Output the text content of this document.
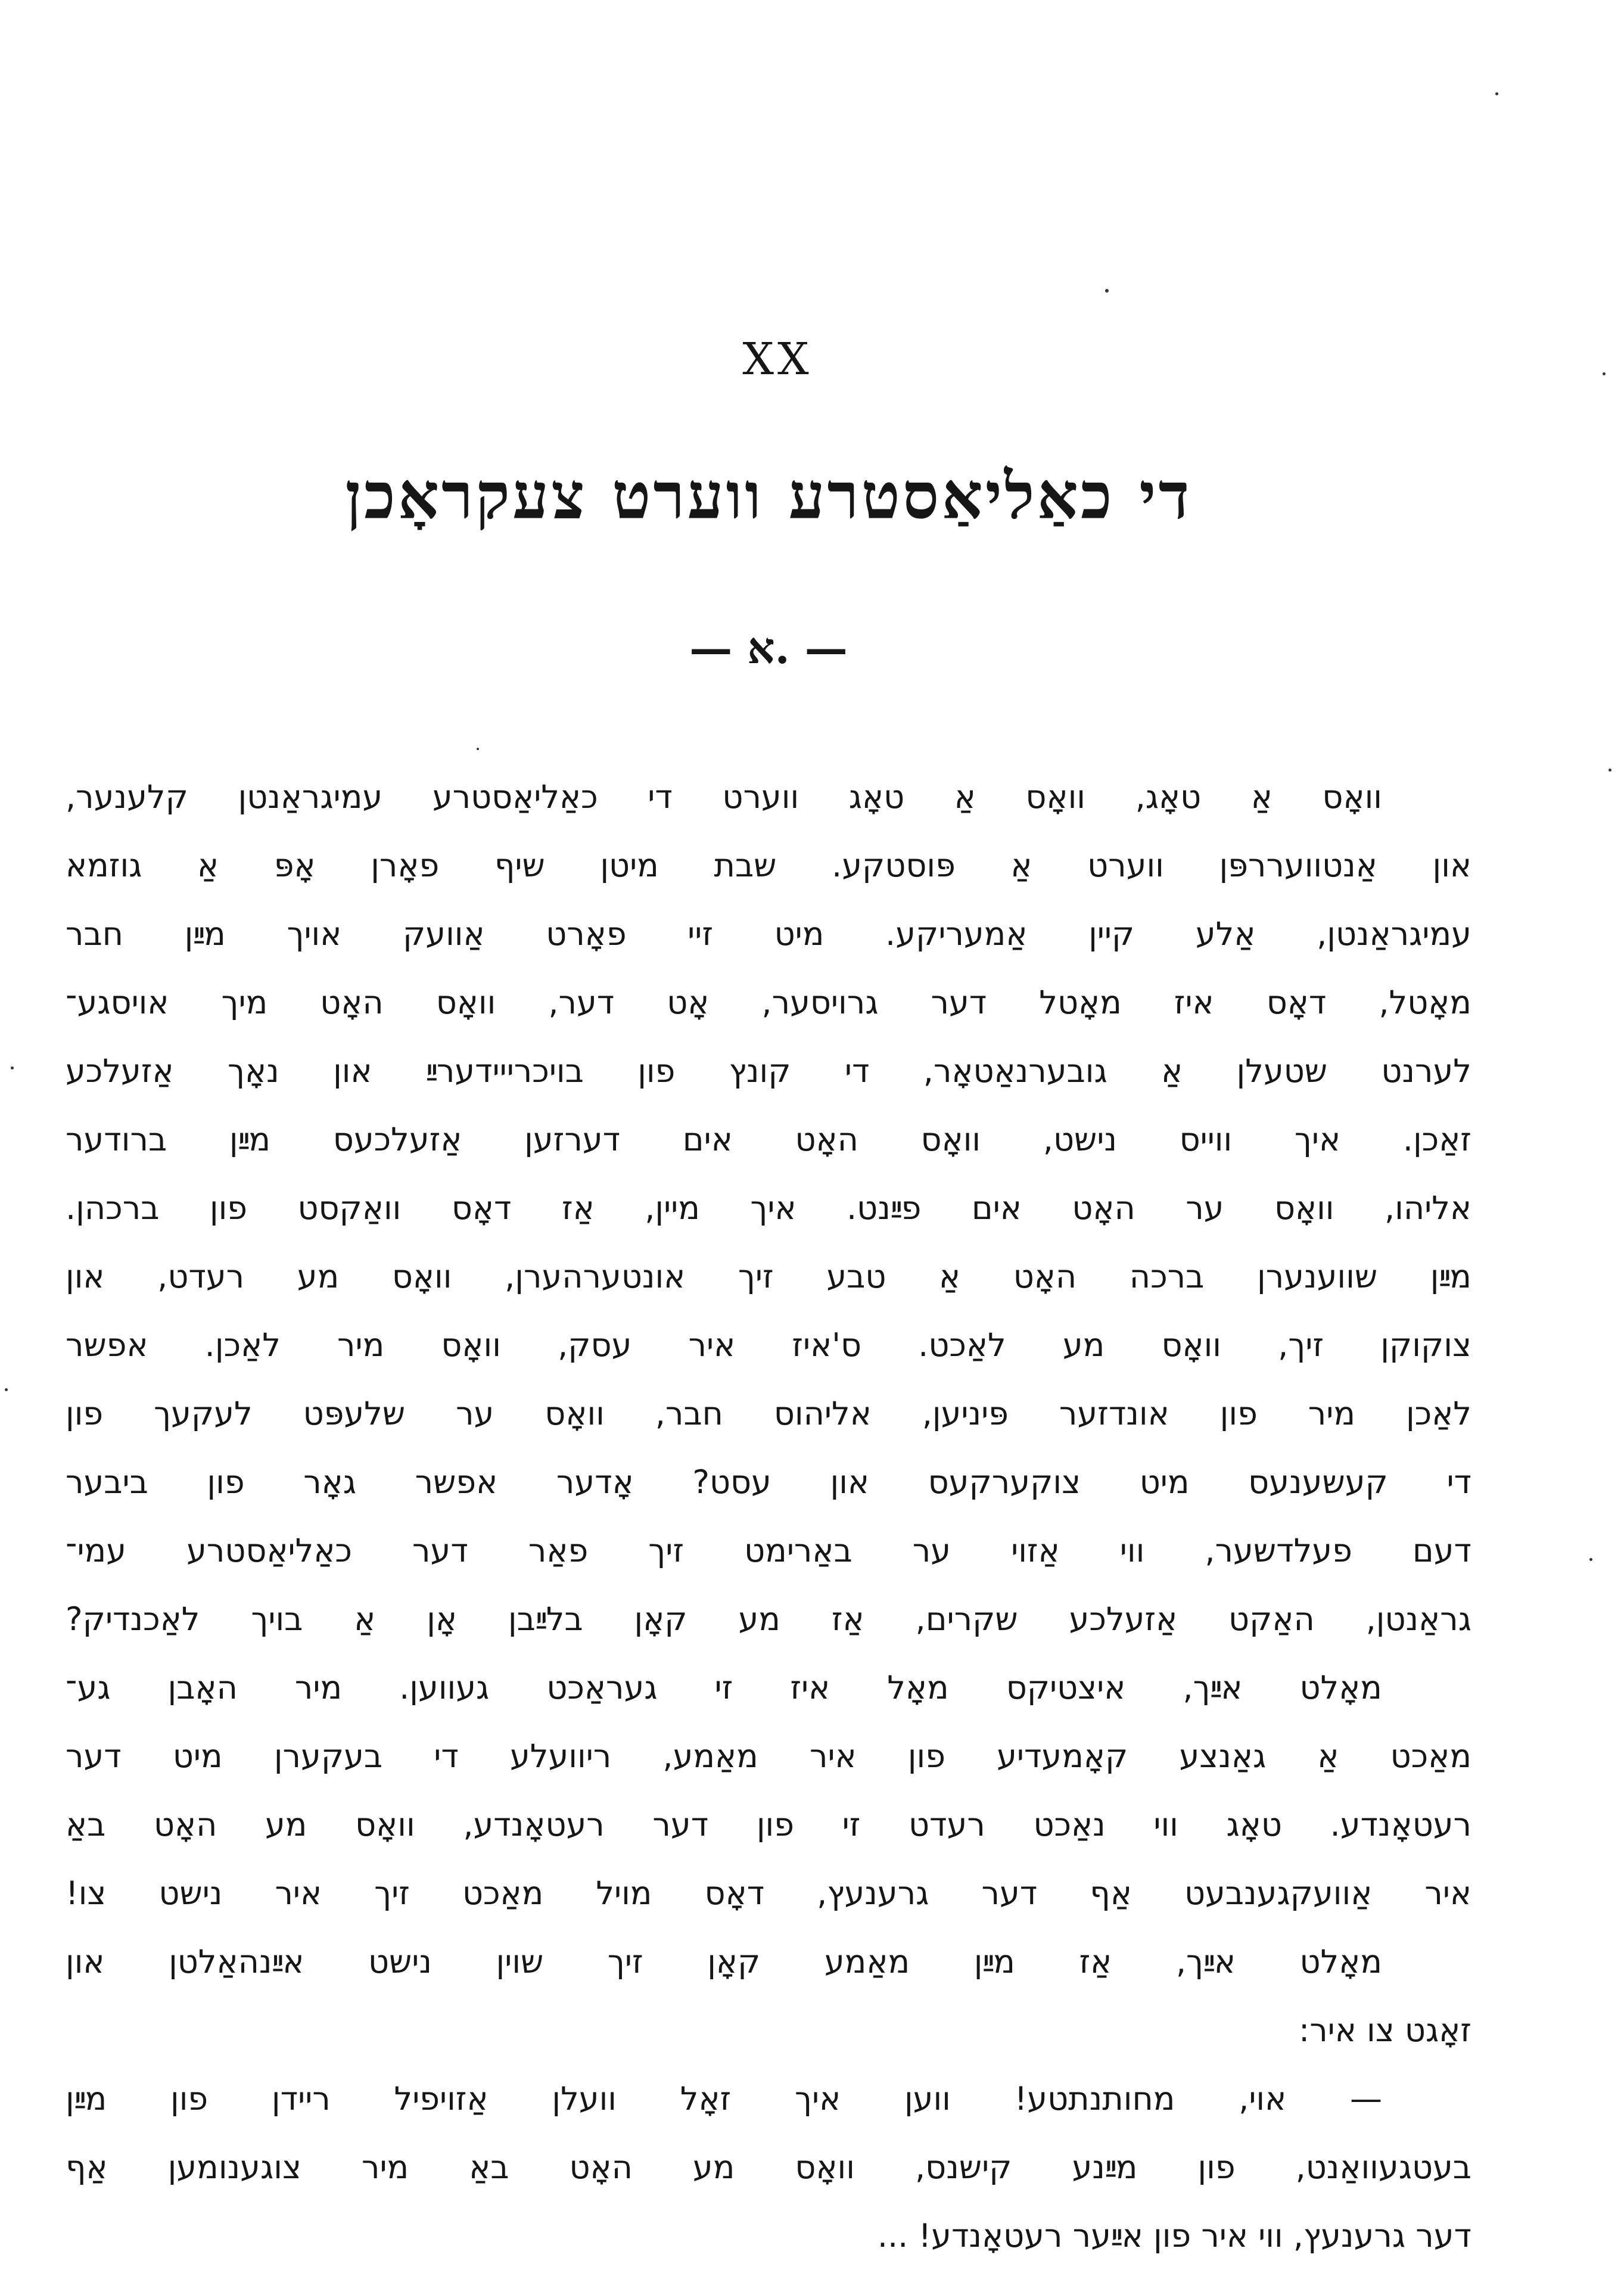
XX
די כאַליאַסטרע ווערט צעקראָכן
— א. —
וואָס אַ טאָג, וואָס אַ טאָג ווערט די כאַליאַסטרע עמיגראַנטן קלענער,
און אַנטוועררפּן ווערט אַ פּוסטקע. שבת מיטן שיף פאָרן אָפּ אַ גוזמא
עמיגראַנטן, אַלע קיין אַמעריקע. מיט זיי פאָרט אַוועק אויך מײַן חבר
מאָטל, דאָס איז מאָטל דער גרויסער, אָט דער, וואָס האָט מיך אויסגע־
לערנט שטעלן אַ גובערנאַטאָר, די קונץ פון בויכרייידערײַ און נאָך אַזעלכע
זאַכן. איך ווייס נישט, וואָס האָט אים דערזען אַזעלכעס מײַן ברודער
אליהו, וואָס ער האָט אים פײַנט. איך מיין, אַז דאָס וואַקסט פון ברכהן.
מײַן שווענערן ברכה האָט אַ טבע זיך אונטערהערן, וואָס מע רעדט, און
צוקוקן זיך, וואָס מע לאַכט. ס'איז איר עסק, וואָס מיר לאַכן. אפשר
לאַכן מיר פון אונדזער פּיניען, אליהוס חבר, וואָס ער שלעפּט לעקעך פון
די קעשענעס מיט צוקערקעס און עסט? אָדער אפשר גאָר פון ביבער
דעם פעלדשער, ווי אַזוי ער באַרימט זיך פאַר דער כאַליאַסטרע עמי־
גראַנטן, האַקט אַזעלכע שקרים, אַז מע קאָן בלײַבן אָן אַ בויך לאַכנדיק?
מאָלט אײַך, איצטיקס מאָל איז זי געראַכט געווען. מיר האָבן גע־
מאַכט אַ גאַנצע קאָמעדיע פון איר מאַמע, ריוועלע די בעקערן מיט דער
רעטאָנדע. טאָג ווי נאַכט רעדט זי פון דער רעטאָנדע, וואָס מע האָט באַ
איר אַוועקגענבעט אַף דער גרענעץ, דאָס מויל מאַכט זיך איר נישט צו!
מאָלט אײַך, אַז מײַן מאַמע קאָן זיך שוין נישט אײַנהאַלטן און
זאָגט צו איר:
— אוי, מחותנתטע! ווען איך זאָל וועלן אַזויפיל ריידן פון מײַן
בעטגעוואַנט, פון מײַנע קישנס, וואָס מע האָט באַ מיר צוגענומען אַף
דער גרענעץ, ווי איר פון אײַער רעטאָנדע! ...
